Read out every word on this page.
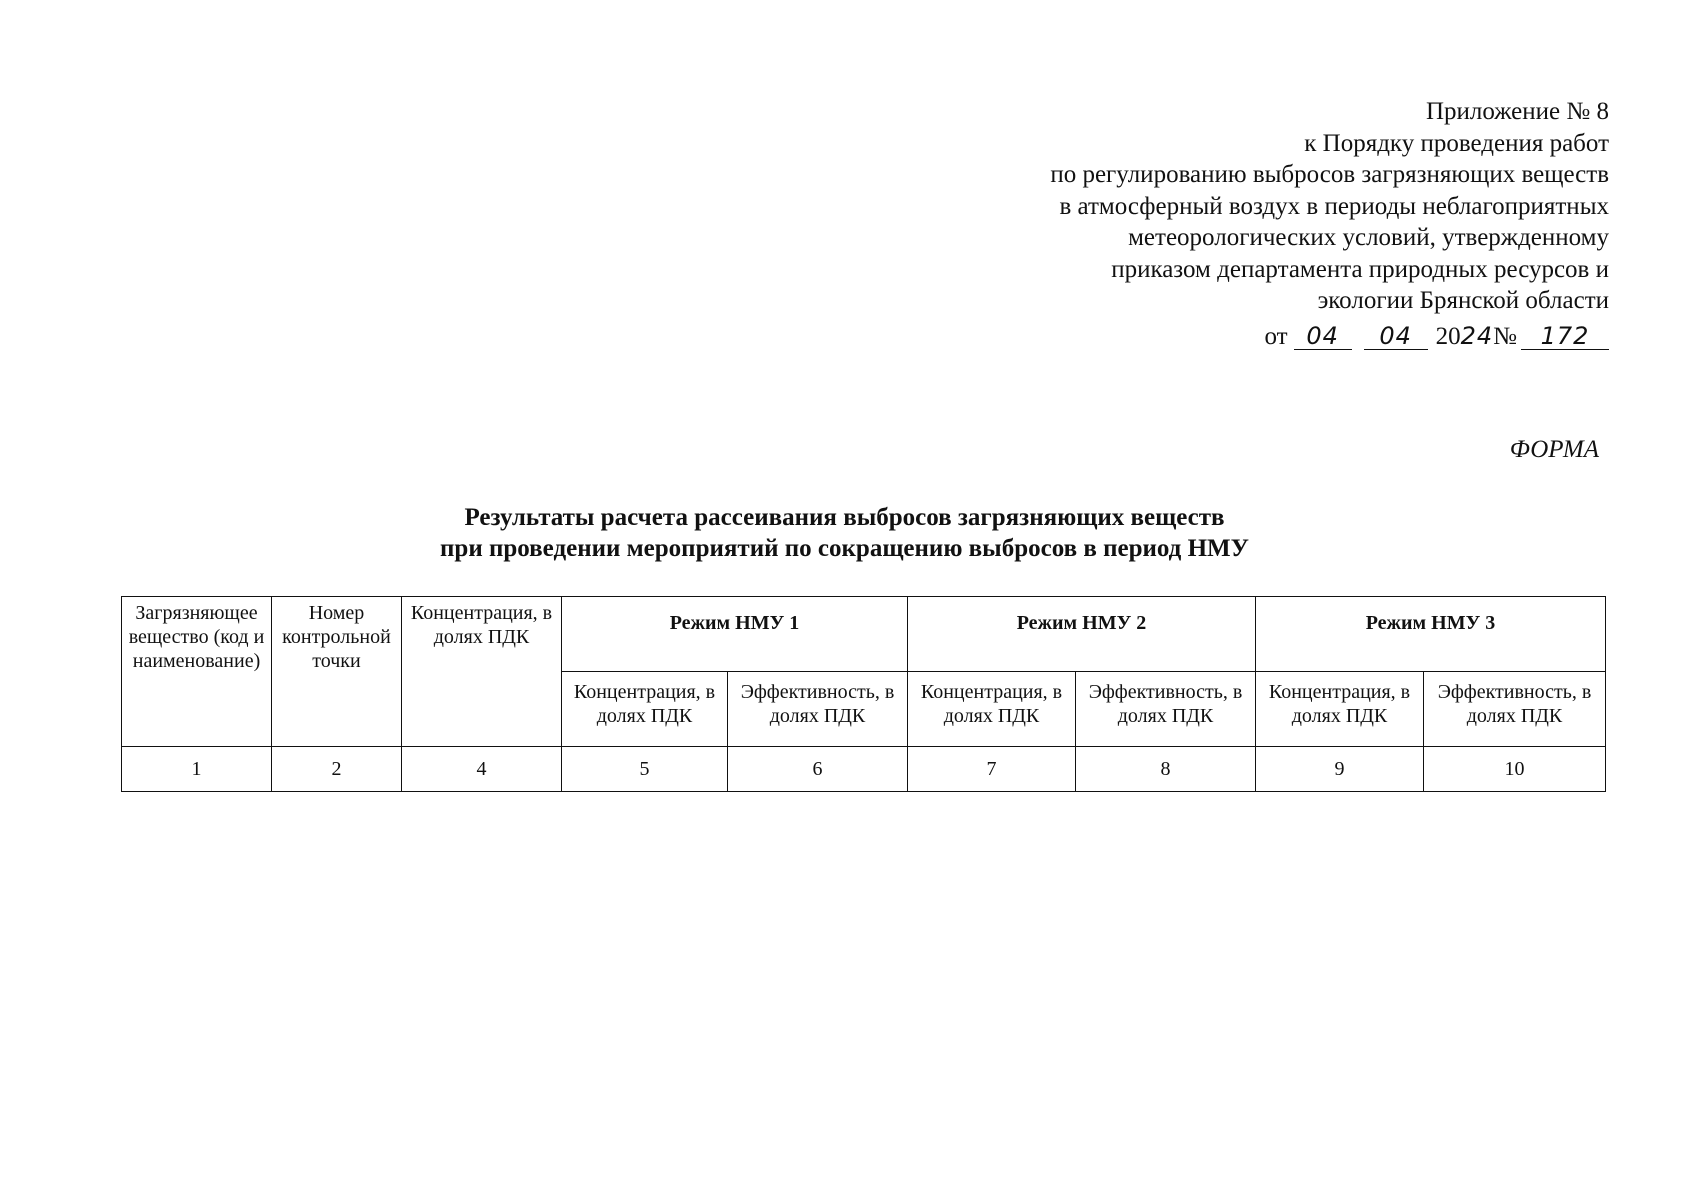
Приложение № 8
к Порядку проведения работ
по регулированию выбросов загрязняющих веществ
в атмосферный воздух в периоды неблагоприятных
метеорологических условий, утвержденному
приказом департамента природных ресурсов и
экологии Брянской области
от 04 04 2024№ 172
ФОРМА
Результаты расчета рассеивания выбросов загрязняющих веществ
при проведении мероприятий по сокращению выбросов в период НМУ
Загрязняющее вещество (код и наименование)	Номер контрольной точки	Концентрация, в долях ПДК	Режим НМУ 1		Режим НМУ 2		Режим НМУ 3	
			Концентрация, в долях ПДК	Эффективность, в долях ПДК	Концентрация, в долях ПДК	Эффективность, в долях ПДК	Концентрация, в долях ПДК	Эффективность, в долях ПДК
1	2	4	5	6	7	8	9	10
